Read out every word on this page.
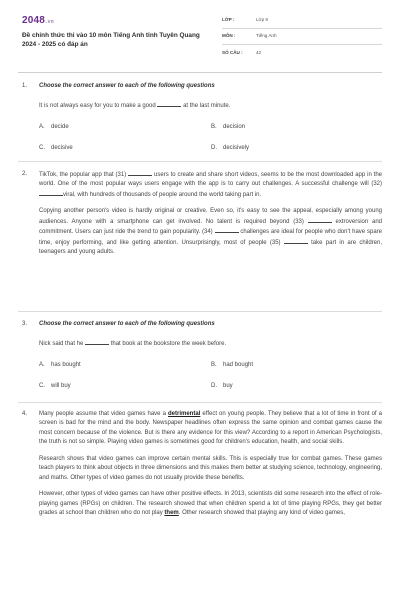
2048.vn
Đề chính thức thi vào 10 môn Tiếng Anh tỉnh Tuyên Quang
2024 - 2025 có đáp án
LỚP :	Lớp 9
MÔN :	Tiếng Anh
SỐ CÂU :	42
1. Choose the correct answer to each of the following questions
It is not always easy for you to make a good	at the last minute.
A. decide	B. decision
C. decisive	D. decisively
2. TikTok, the popular app that (31)	users to create and share short videos, seems to be the most downloaded app in the world. One of the most popular ways users engage with the app is to carry out challenges. A successful challenge will (32) viral, with hundreds of thousands of people around the world taking part in.

Copying another person's video is hardly original or creative. Even so, it's easy to see the appeal, especially among young audiences. Anyone with a smartphone can get involved. No talent is required beyond (33)	extroversion and commitment. Users can just ride the trend to gain popularity. (34)	challenges are ideal for people who don't have spare time, enjoy performing, and like getting attention. Unsurprisingly, most of people (35)	take part in are children, teenagers and young adults.

3. Choose the correct answer to each of the following questions
Nick said that he	that book at the bookstore the week before.
A. has bought	B. had bought
C. will buy	D. buy
4. Many people assume that video games have a detrimental effect on young people. They believe that a lot of time in front of a screen is bad for the mind and the body. Newspaper headlines often express the same opinion and combat games cause the most concern because of the violence. But is there any evidence for this view? According to a report in American Psychologists, the truth is not so simple. Playing video games is sometimes good for children's education, health, and social skills.

Research shows that video games can improve certain mental skills. This is especially true for combat games. These games teach players to think about objects in three dimensions and this makes them better at studying science, technology, engineering, and maths. Other types of video games do not usually provide these benefits.

However, other types of video games can have other positive effects. In 2013, scientists did some research into the effect of role-playing games (RPGs) on children. The research showed that when children spend a lot of time playing RPGs, they get better grades at school than children who do not play them. Other research showed that playing any kind of video games,
